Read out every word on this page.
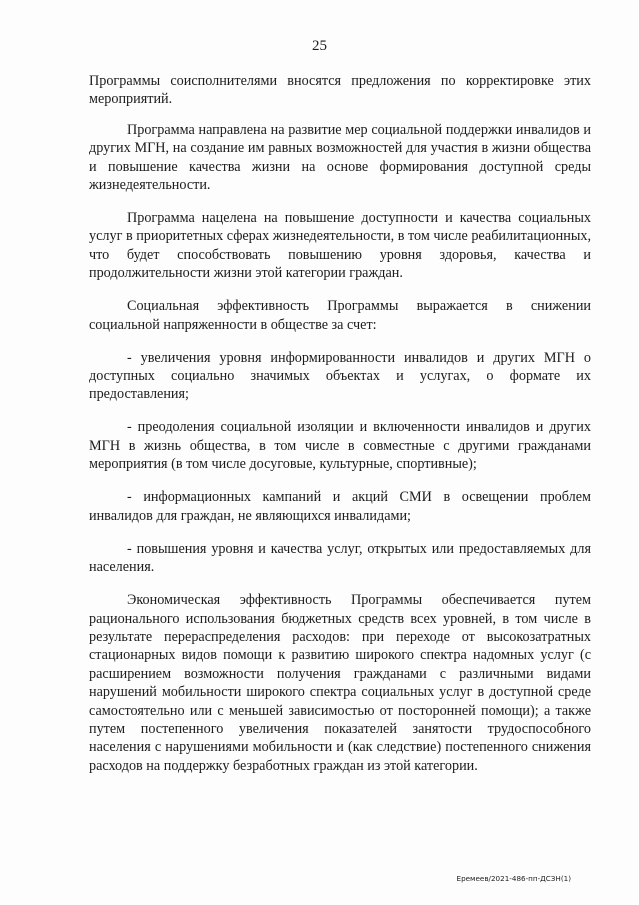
25

Программы соисполнителями вносятся предложения по корректировке этих мероприятий.

Программа направлена на развитие мер социальной поддержки инвалидов и других МГН, на создание им равных возможностей для участия в жизни общества и повышение качества жизни на основе формирования доступной среды жизнедеятельности.

Программа нацелена на повышение доступности и качества социальных услуг в приоритетных сферах жизнедеятельности, в том числе реабилитационных, что будет способствовать повышению уровня здоровья, качества и продолжительности жизни этой категории граждан.

Социальная эффективность Программы выражается в снижении социальной напряженности в обществе за счет:

- увеличения уровня информированности инвалидов и других МГН о доступных социально значимых объектах и услугах, о формате их предоставления;

- преодоления социальной изоляции и включенности инвалидов и других МГН в жизнь общества, в том числе в совместные с другими гражданами мероприятия (в том числе досуговые, культурные, спортивные);

- информационных кампаний и акций СМИ в освещении проблем инвалидов для граждан, не являющихся инвалидами;

- повышения уровня и качества услуг, открытых или предоставляемых для населения.

Экономическая эффективность Программы обеспечивается путем рационального использования бюджетных средств всех уровней, в том числе в результате перераспределения расходов: при переходе от высокозатратных стационарных видов помощи к развитию широкого спектра надомных услуг (с расширением возможности получения гражданами с различными видами нарушений мобильности широкого спектра социальных услуг в доступной среде самостоятельно или с меньшей зависимостью от посторонней помощи); а также путем постепенного увеличения показателей занятости трудоспособного населения с нарушениями мобильности и (как следствие) постепенного снижения расходов на поддержку безработных граждан из этой категории.

Еремеев/2021-486-пп-ДСЗН(1)
